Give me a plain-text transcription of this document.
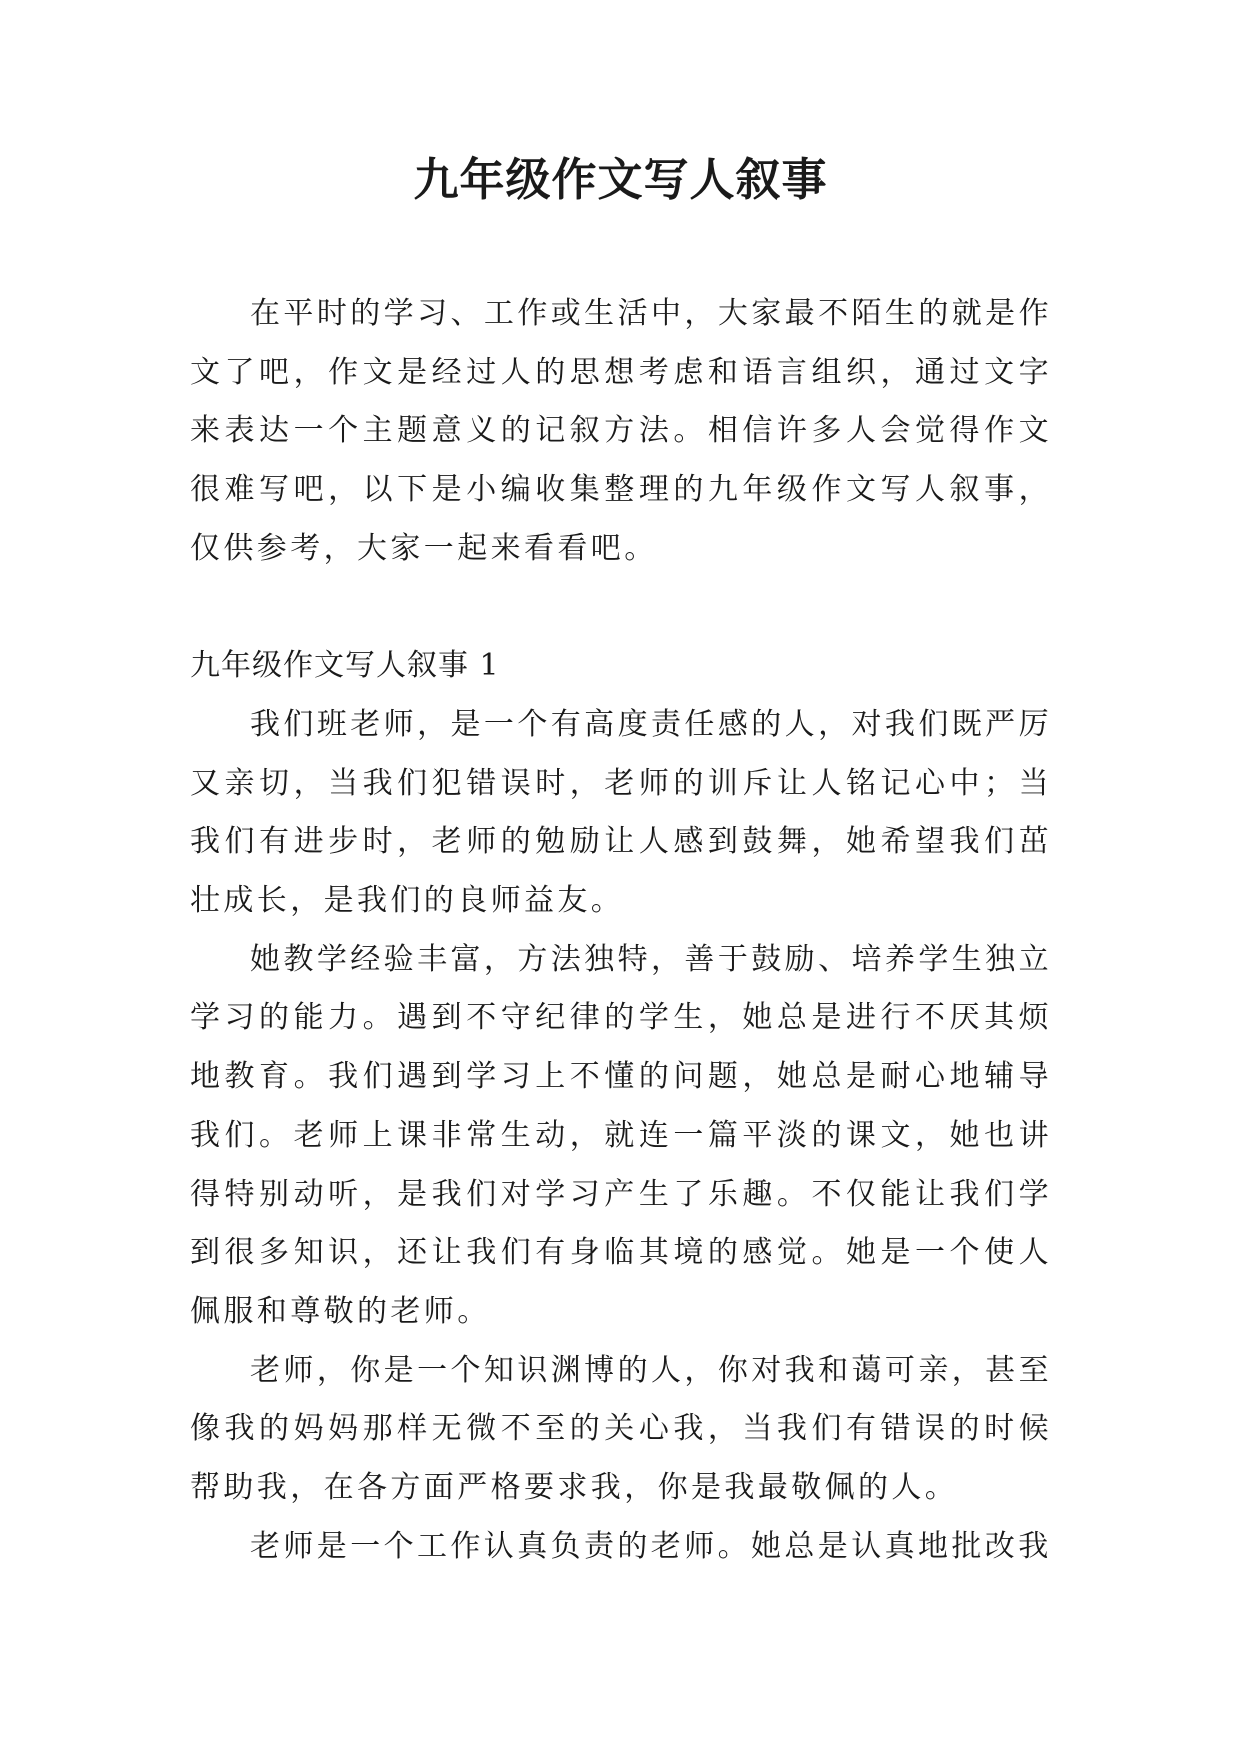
九年级作文写人叙事

在平时的学习、工作或生活中，大家最不陌生的就是作文了吧，作文是经过人的思想考虑和语言组织，通过文字来表达一个主题意义的记叙方法。相信许多人会觉得作文很难写吧，以下是小编收集整理的九年级作文写人叙事，仅供参考，大家一起来看看吧。

九年级作文写人叙事 1

我们班老师，是一个有高度责任感的人，对我们既严厉又亲切，当我们犯错误时，老师的训斥让人铭记心中；当我们有进步时，老师的勉励让人感到鼓舞，她希望我们茁壮成长，是我们的良师益友。

她教学经验丰富，方法独特，善于鼓励、培养学生独立学习的能力。遇到不守纪律的学生，她总是进行不厌其烦地教育。我们遇到学习上不懂的问题，她总是耐心地辅导我们。老师上课非常生动，就连一篇平淡的课文，她也讲得特别动听，是我们对学习产生了乐趣。不仅能让我们学到很多知识，还让我们有身临其境的感觉。她是一个使人佩服和尊敬的老师。

老师，你是一个知识渊博的人，你对我和蔼可亲，甚至像我的妈妈那样无微不至的关心我，当我们有错误的时候帮助我，在各方面严格要求我，你是我最敬佩的人。

老师是一个工作认真负责的老师。她总是认真地批改我
